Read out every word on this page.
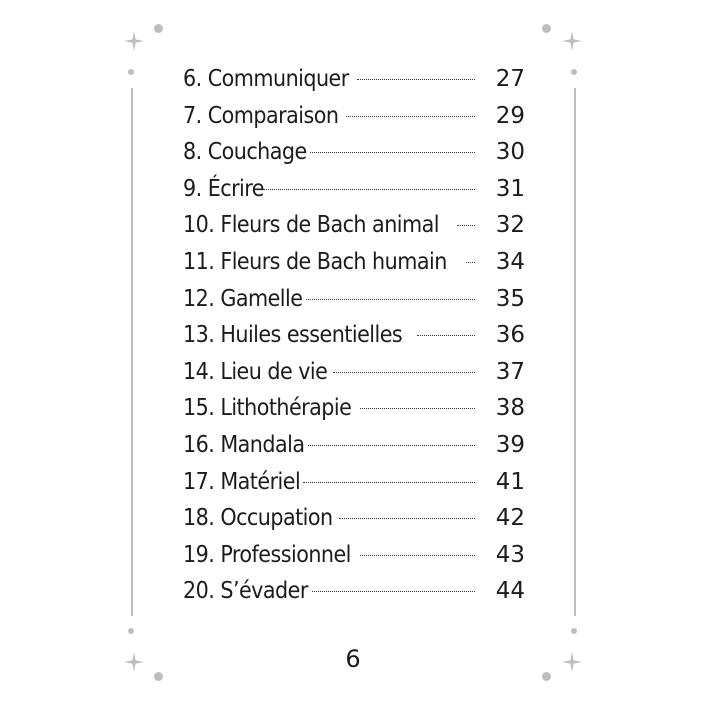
6. Communiquer	27
7. Comparaison	29
8. Couchage	30
9. Écrire	31
10. Fleurs de Bach animal	32
11. Fleurs de Bach humain	34
12. Gamelle	35
13. Huiles essentielles	36
14. Lieu de vie	37
15. Lithothérapie	38
16. Mandala	39
17. Matériel	41
18. Occupation	42
19. Professionnel	43
20. S’évader	44
6
